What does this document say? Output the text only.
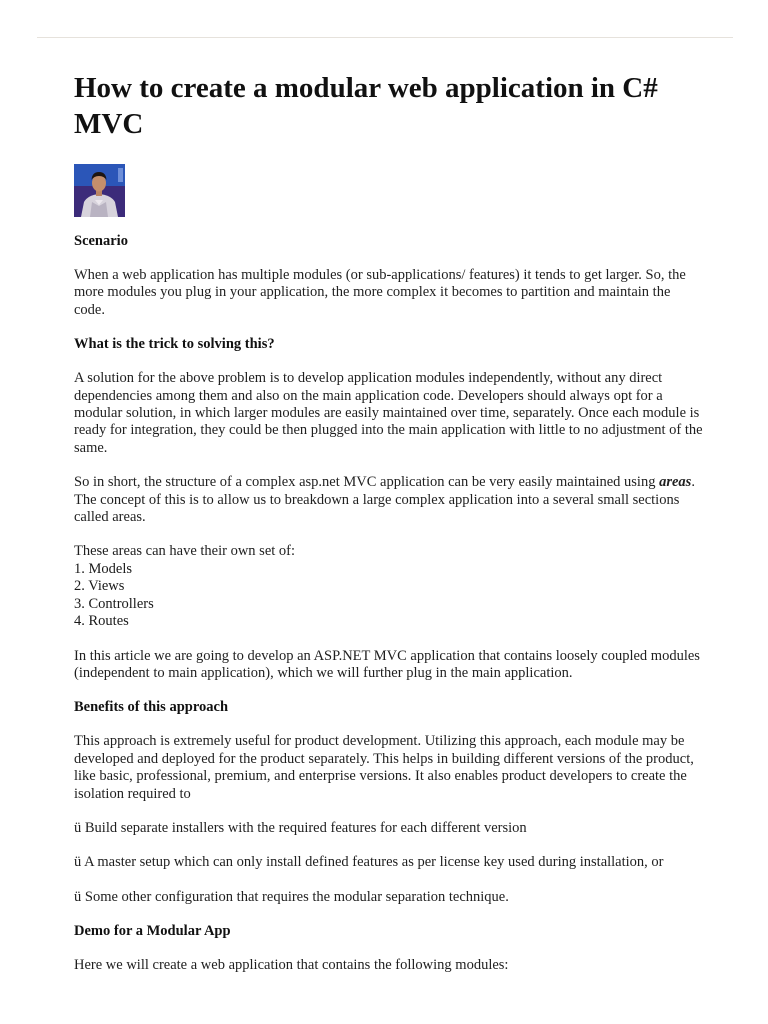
How to create a modular web application in C# MVC
Scenario

When a web application has multiple modules (or sub-applications/ features) it tends to get larger. So, the more modules you plug in your application, the more complex it becomes to partition and maintain the code.

What is the trick to solving this?

A solution for the above problem is to develop application modules independently, without any direct dependencies among them and also on the main application code. Developers should always opt for a modular solution, in which larger modules are easily maintained over time, separately. Once each module is ready for integration, they could be then plugged into the main application with little to no adjustment of the same.

So in short, the structure of a complex asp.net MVC application can be very easily maintained using areas. The concept of this is to allow us to breakdown a large complex application into a several small sections called areas.

These areas can have their own set of:

1. Models
2. Views
3. Controllers
4. Routes

In this article we are going to develop an ASP.NET MVC application that contains loosely coupled modules (independent to main application), which we will further plug in the main application.

Benefits of this approach

This approach is extremely useful for product development. Utilizing this approach, each module may be developed and deployed for the product separately. This helps in building different versions of the product, like basic, professional, premium, and enterprise versions. It also enables product developers to create the isolation required to

ü Build separate installers with the required features for each different version

ü A master setup which can only install defined features as per license key used during installation, or

ü Some other configuration that requires the modular separation technique.

Demo for a Modular App

Here we will create a web application that contains the following modules:
